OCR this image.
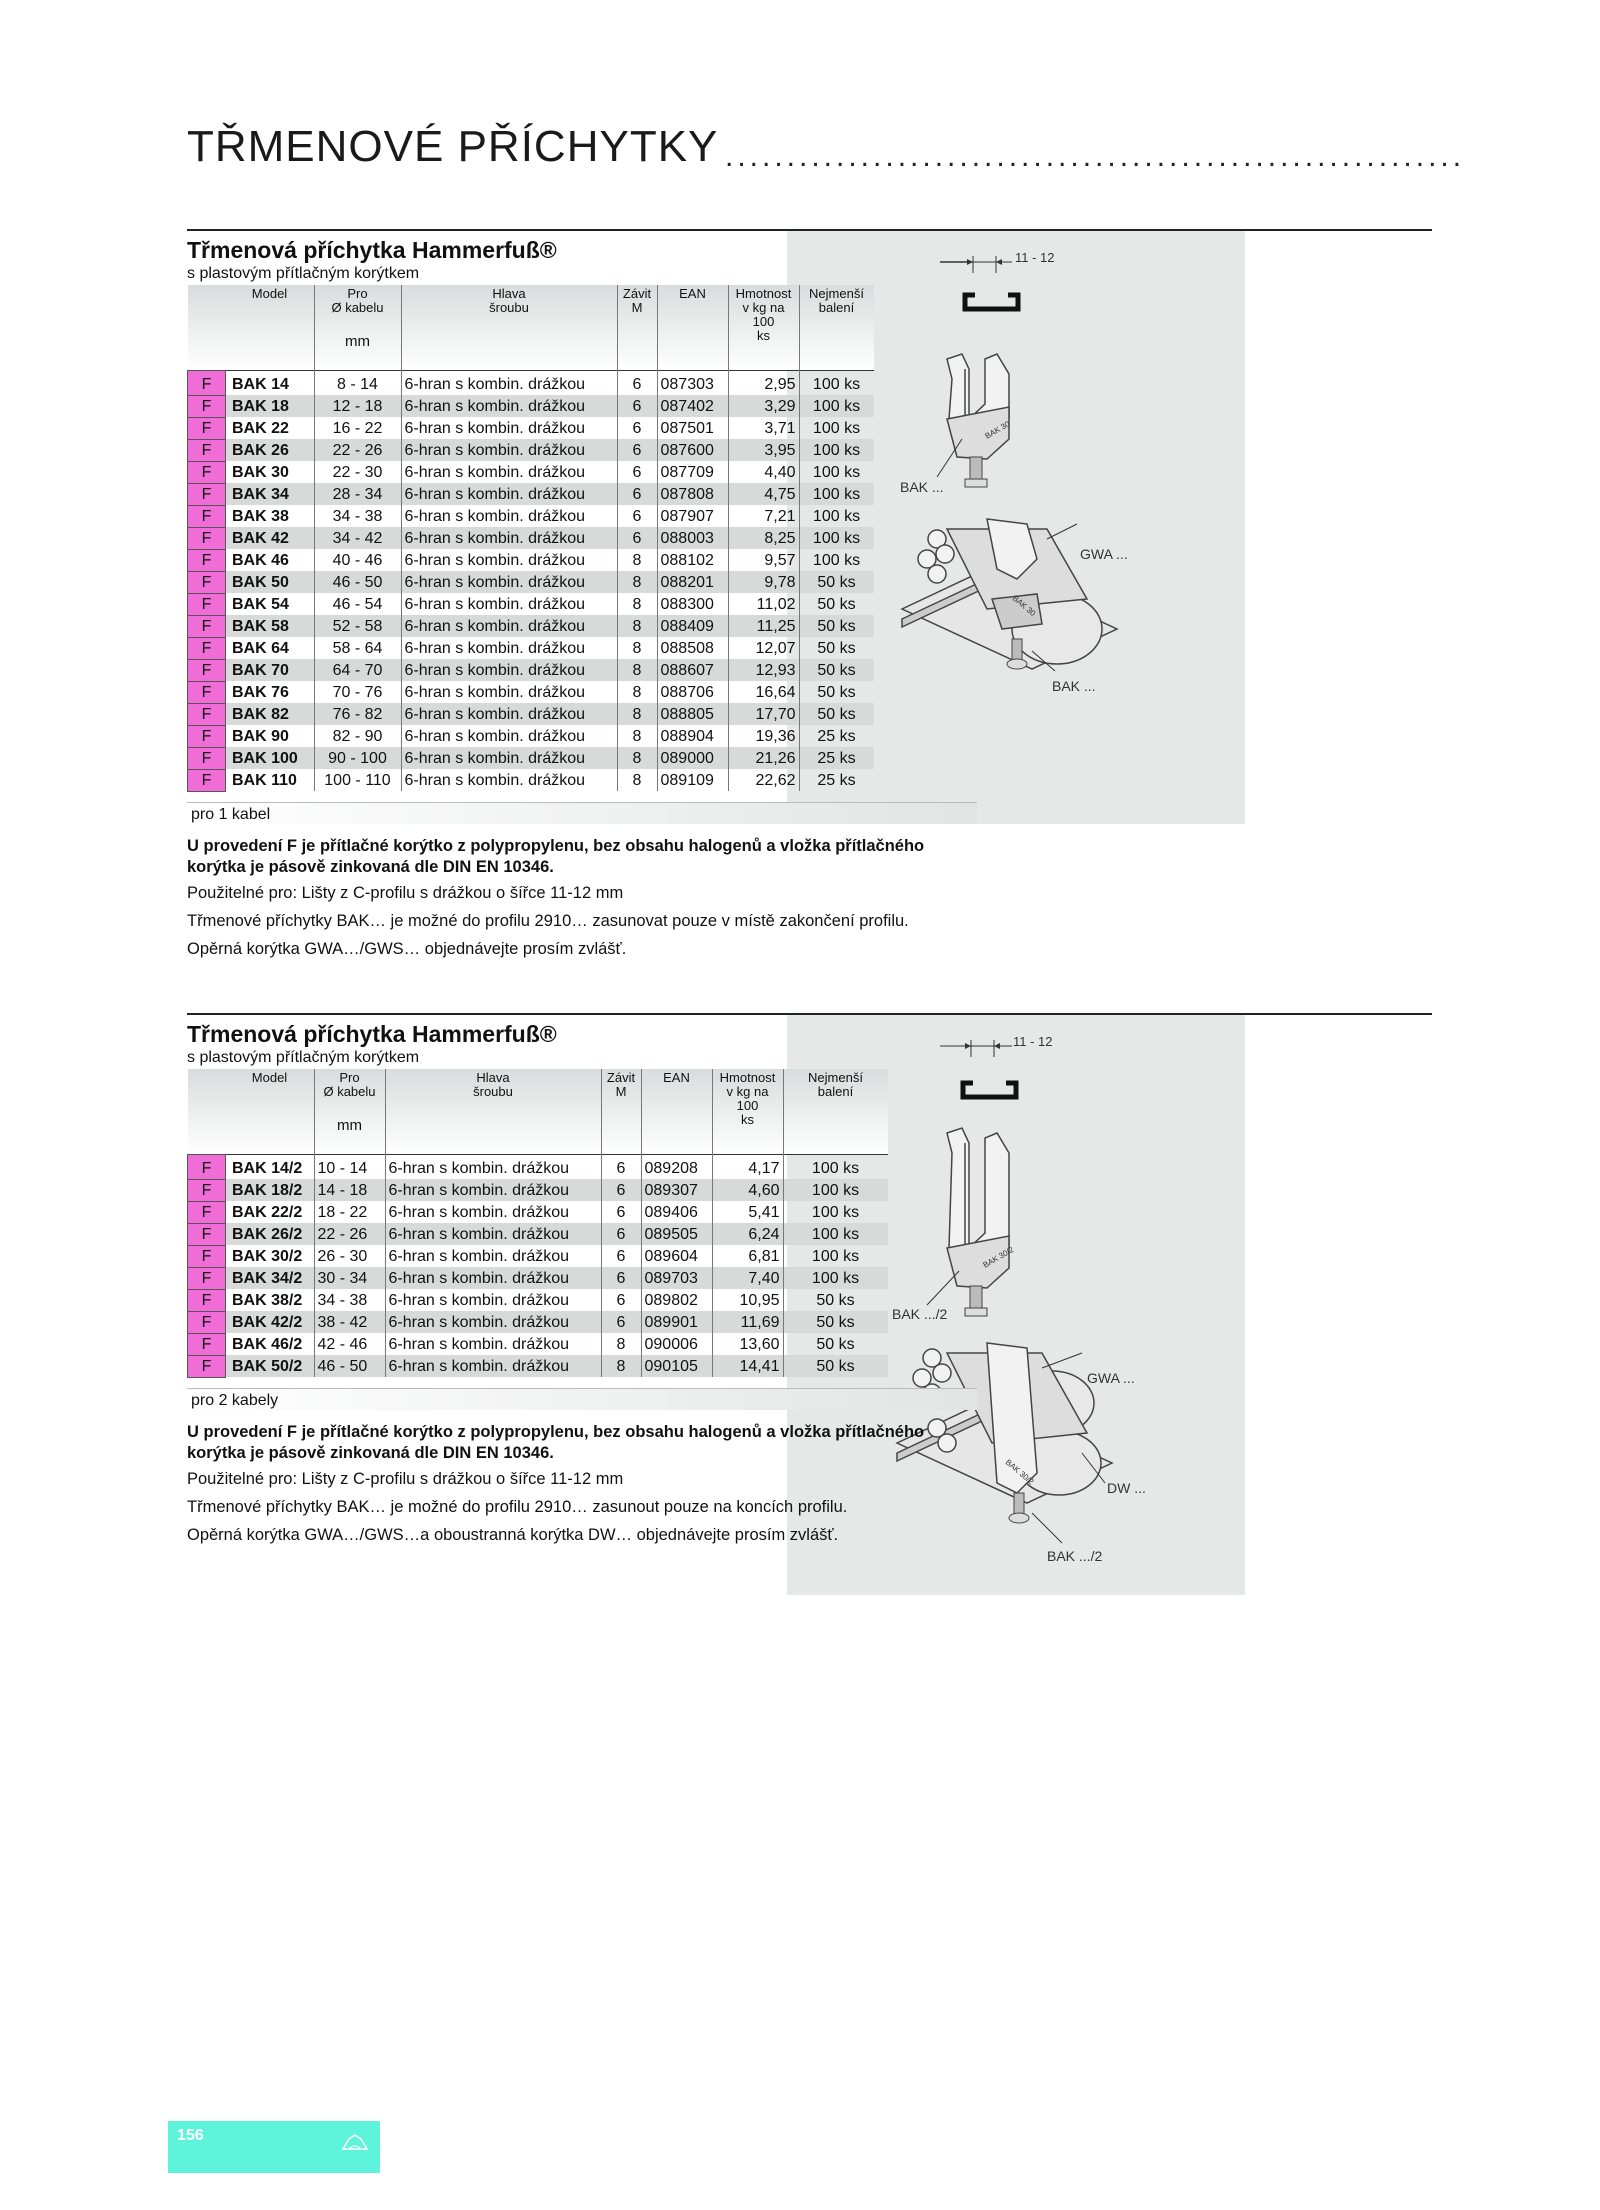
TŘMENOVÉ PŘÍCHYTKY ............................................................
11 - 12
BAK 30
BAK ...
BAK 30
GWA ...
BAK ...
Třmenová příchytka Hammerfuß®
s plastovým přítlačným korýtkem
	Model	Pro
Ø kabelu
mm	Hlava
šroubu	Závit
M	EAN	Hmotnost
v kg na
100
ks	Nejmenší
balení
F	BAK 14	8 - 14	6-hran s kombin. drážkou	6	087303	2,95	100 ks
F	BAK 18	12 - 18	6-hran s kombin. drážkou	6	087402	3,29	100 ks
F	BAK 22	16 - 22	6-hran s kombin. drážkou	6	087501	3,71	100 ks
F	BAK 26	22 - 26	6-hran s kombin. drážkou	6	087600	3,95	100 ks
F	BAK 30	22 - 30	6-hran s kombin. drážkou	6	087709	4,40	100 ks
F	BAK 34	28 - 34	6-hran s kombin. drážkou	6	087808	4,75	100 ks
F	BAK 38	34 - 38	6-hran s kombin. drážkou	6	087907	7,21	100 ks
F	BAK 42	34 - 42	6-hran s kombin. drážkou	6	088003	8,25	100 ks
F	BAK 46	40 - 46	6-hran s kombin. drážkou	8	088102	9,57	100 ks
F	BAK 50	46 - 50	6-hran s kombin. drážkou	8	088201	9,78	50 ks
F	BAK 54	46 - 54	6-hran s kombin. drážkou	8	088300	11,02	50 ks
F	BAK 58	52 - 58	6-hran s kombin. drážkou	8	088409	11,25	50 ks
F	BAK 64	58 - 64	6-hran s kombin. drážkou	8	088508	12,07	50 ks
F	BAK 70	64 - 70	6-hran s kombin. drážkou	8	088607	12,93	50 ks
F	BAK 76	70 - 76	6-hran s kombin. drážkou	8	088706	16,64	50 ks
F	BAK 82	76 - 82	6-hran s kombin. drážkou	8	088805	17,70	50 ks
F	BAK 90	82 - 90	6-hran s kombin. drážkou	8	088904	19,36	25 ks
F	BAK 100	90 - 100	6-hran s kombin. drážkou	8	089000	21,26	25 ks
F	BAK 110	100 - 110	6-hran s kombin. drážkou	8	089109	22,62	25 ks
pro 1 kabel
U provedení F je přítlačné korýtko z polypropylenu, bez obsahu halogenů a vložka přítlačného korýtka je pásově zinkovaná dle DIN EN 10346.
Použitelné pro: Lišty z C-profilu s drážkou o šířce 11-12 mm
Třmenové příchytky BAK… je možné do profilu 2910… zasunovat pouze v místě zakončení profilu.
Opěrná korýtka GWA…/GWS… objednávejte prosím zvlášť.
11 - 12
BAK 30/2
BAK .../2
BAK 30/2
GWA ...
DW ...
BAK .../2
Třmenová příchytka Hammerfuß®
s plastovým přítlačným korýtkem
	Model	Pro
Ø kabelu
mm	Hlava
šroubu	Závit
M	EAN	Hmotnost
v kg na
100
ks	Nejmenší
balení
F	BAK 14/2	10 - 14	6-hran s kombin. drážkou	6	089208	4,17	100 ks
F	BAK 18/2	14 - 18	6-hran s kombin. drážkou	6	089307	4,60	100 ks
F	BAK 22/2	18 - 22	6-hran s kombin. drážkou	6	089406	5,41	100 ks
F	BAK 26/2	22 - 26	6-hran s kombin. drážkou	6	089505	6,24	100 ks
F	BAK 30/2	26 - 30	6-hran s kombin. drážkou	6	089604	6,81	100 ks
F	BAK 34/2	30 - 34	6-hran s kombin. drážkou	6	089703	7,40	100 ks
F	BAK 38/2	34 - 38	6-hran s kombin. drážkou	6	089802	10,95	50 ks
F	BAK 42/2	38 - 42	6-hran s kombin. drážkou	6	089901	11,69	50 ks
F	BAK 46/2	42 - 46	6-hran s kombin. drážkou	8	090006	13,60	50 ks
F	BAK 50/2	46 - 50	6-hran s kombin. drážkou	8	090105	14,41	50 ks
pro 2 kabely
U provedení F je přítlačné korýtko z polypropylenu, bez obsahu halogenů a vložka přítlačného korýtka je pásově zinkovaná dle DIN EN 10346.
Použitelné pro: Lišty z C-profilu s drážkou o šířce 11-12 mm
Třmenové příchytky BAK… je možné do profilu 2910… zasunout pouze na koncích profilu.
Opěrná korýtka GWA…/GWS…a oboustranná korýtka DW… objednávejte prosím zvlášť.
156
